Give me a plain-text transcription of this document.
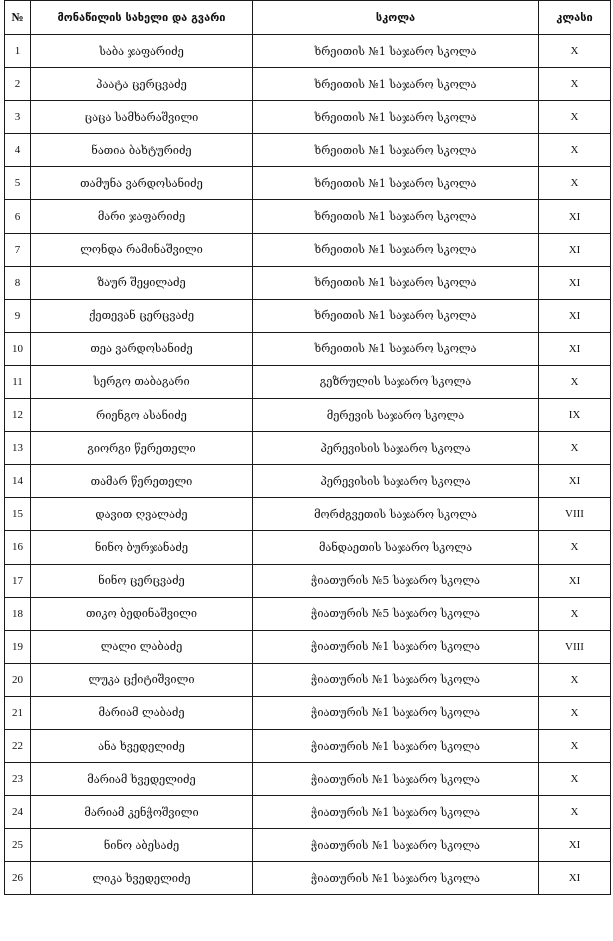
№	მონაწილის სახელი და გვარი	სკოლა	კლასი
1	საბა ჯაფარიძე	ხრეითის №1 საჯარო სკოლა	X
2	პაატა ცერცვაძე	ხრეითის №1 საჯარო სკოლა	X
3	ცაცა სამხარაშვილი	ხრეითის №1 საჯარო სკოლა	X
4	ნათია ბახტურიძე	ხრეითის №1 საჯარო სკოლა	X
5	თამუნა ვარდოსანიძე	ხრეითის №1 საჯარო სკოლა	X
6	მარი ჯაფარიძე	ხრეითის №1 საჯარო სკოლა	XI
7	ლონდა რამინაშვილი	ხრეითის №1 საჯარო სკოლა	XI
8	ზაურ შეყილაძე	ხრეითის №1 საჯარო სკოლა	XI
9	ქეთევან ცერცვაძე	ხრეითის №1 საჯარო სკოლა	XI
10	თეა ვარდოსანიძე	ხრეითის №1 საჯარო სკოლა	XI
11	სერგო თაბაგარი	გეზრულის საჯარო სკოლა	X
12	რიენგო ასანიძე	მერევის საჯარო სკოლა	IX
13	გიორგი წერეთელი	პერევისის საჯარო სკოლა	X
14	თამარ წერეთელი	პერევისის საჯარო სკოლა	XI
15	დავით ღვალაძე	მორძგვეთის საჯარო სკოლა	VIII
16	ნინო ბურჯანაძე	მანდაეთის საჯარო სკოლა	X
17	ნინო ცერცვაძე	ჭიათურის №5 საჯარო სკოლა	XI
18	თიკო ბედინაშვილი	ჭიათურის №5 საჯარო სკოლა	X
19	ლალი ლაბაძე	ჭიათურის №1 საჯარო სკოლა	VIII
20	ლუკა ცქიტიშვილი	ჭიათურის №1 საჯარო სკოლა	X
21	მარიამ ლაბაძე	ჭიათურის №1 საჯარო სკოლა	X
22	ანა ხვედელიძე	ჭიათურის №1 საჯარო სკოლა	X
23	მარიამ ხვედელიძე	ჭიათურის №1 საჯარო სკოლა	X
24	მარიამ კენჭოშვილი	ჭიათურის №1 საჯარო სკოლა	X
25	ნინო აბესაძე	ჭიათურის №1 საჯარო სკოლა	XI
26	ლიკა ხვედელიძე	ჭიათურის №1 საჯარო სკოლა	XI
